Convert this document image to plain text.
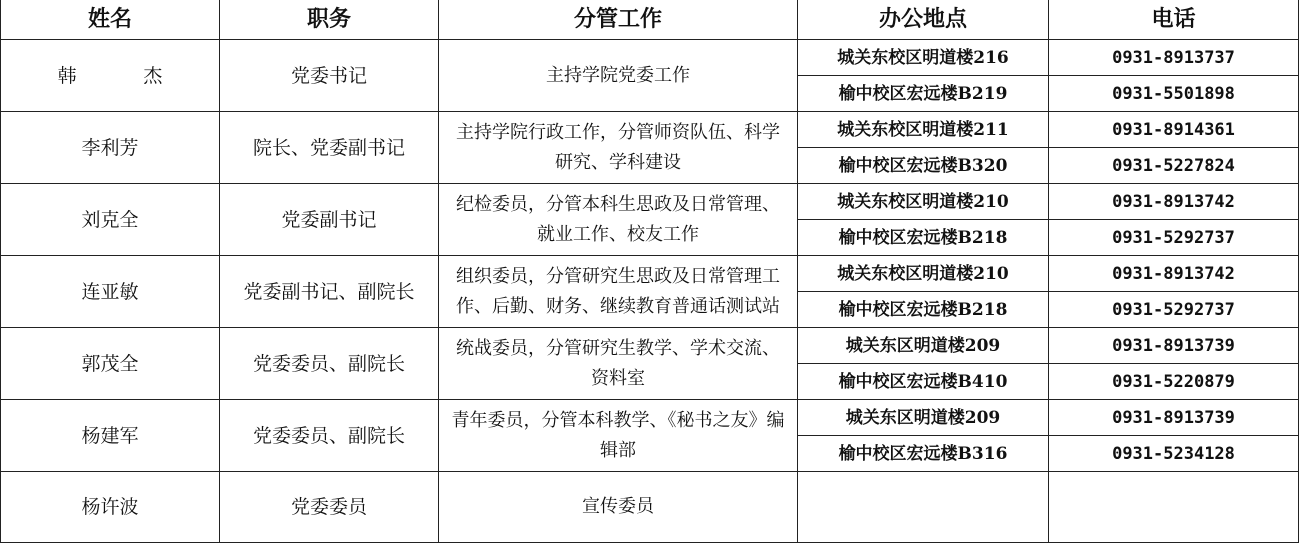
姓名	职务	分管工作	办公地点	电话
韩 杰	党委书记	主持学院党委工作	城关东校区明道楼216	0931-8913737
			榆中校区宏远楼B219	0931-5501898
李利芳	院长、党委副书记	主持学院行政工作，分管师资队伍、科学研究、学科建设	城关东校区明道楼211	0931-8914361
			榆中校区宏远楼B320	0931-5227824
刘克全	党委副书记	纪检委员，分管本科生思政及日常管理、就业工作、校友工作	城关东校区明道楼210	0931-8913742
			榆中校区宏远楼B218	0931-5292737
连亚敏	党委副书记、副院长	组织委员，分管研究生思政及日常管理工作、后勤、财务、继续教育普通话测试站	城关东校区明道楼210	0931-8913742
			榆中校区宏远楼B218	0931-5292737
郭茂全	党委委员、副院长	统战委员，分管研究生教学、学术交流、资料室	城关东区明道楼209	0931-8913739
			榆中校区宏远楼B410	0931-5220879
杨建军	党委委员、副院长	青年委员，分管本科教学、《秘书之友》编辑部	城关东区明道楼209	0931-8913739
			榆中校区宏远楼B316	0931-5234128
杨许波	党委委员	宣传委员		
